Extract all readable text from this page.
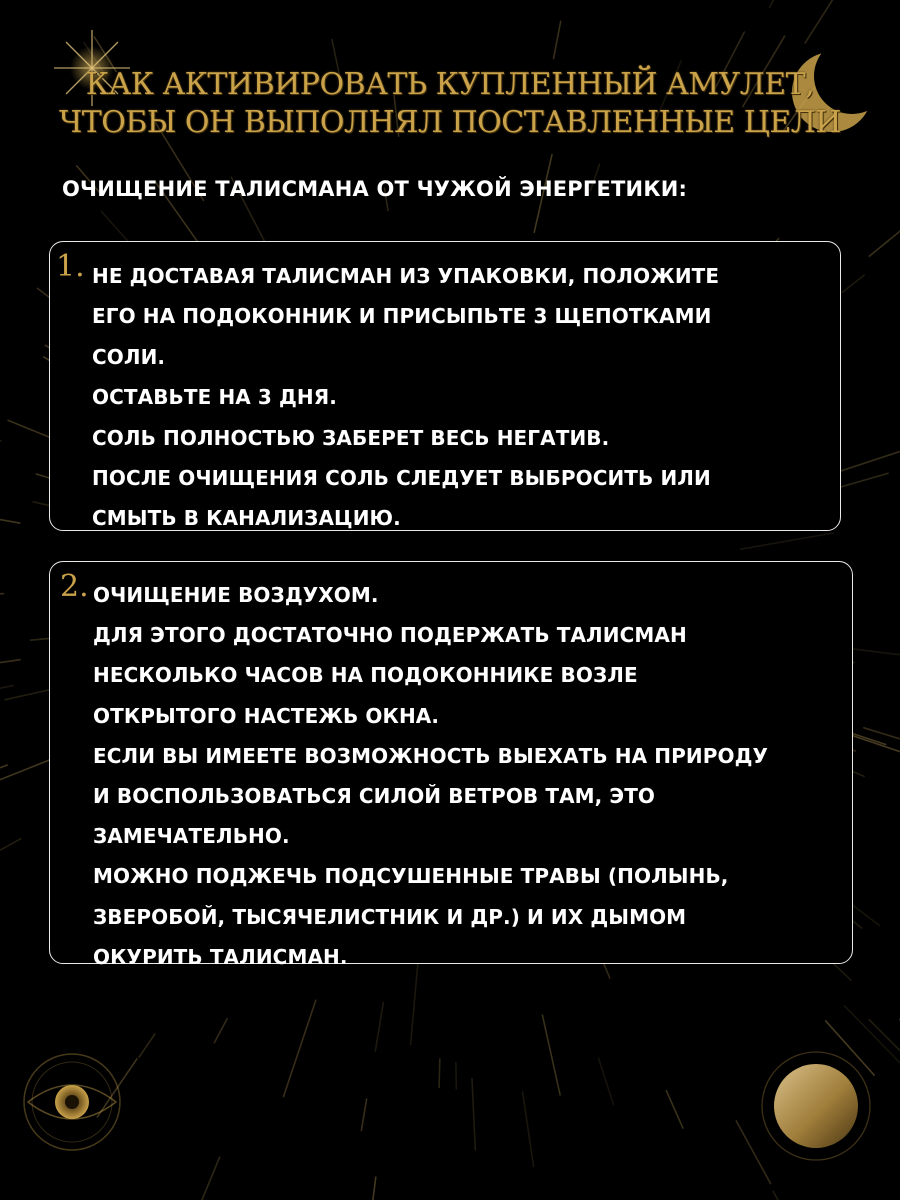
КАК АКТИВИРОВАТЬ КУПЛЕННЫЙ АМУЛЕТ,
ЧТОБЫ ОН ВЫПОЛНЯЛ ПОСТАВЛЕННЫЕ ЦЕЛИ
ОЧИЩЕНИЕ ТАЛИСМАНА ОТ ЧУЖОЙ ЭНЕРГЕТИКИ:
1. НЕ ДОСТАВАЯ ТАЛИСМАН ИЗ УПАКОВКИ, ПОЛОЖИТЕ
ЕГО НА ПОДОКОННИК И ПРИСЫПЬТЕ 3 ЩЕПОТКАМИ
СОЛИ.
ОСТАВЬТЕ НА 3 ДНЯ.
СОЛЬ ПОЛНОСТЬЮ ЗАБЕРЕТ ВЕСЬ НЕГАТИВ.
ПОСЛЕ ОЧИЩЕНИЯ СОЛЬ СЛЕДУЕТ ВЫБРОСИТЬ ИЛИ
СМЫТЬ В КАНАЛИЗАЦИЮ.
2. ОЧИЩЕНИЕ ВОЗДУХОМ.
ДЛЯ ЭТОГО ДОСТАТОЧНО ПОДЕРЖАТЬ ТАЛИСМАН
НЕСКОЛЬКО ЧАСОВ НА ПОДОКОННИКЕ ВОЗЛЕ
ОТКРЫТОГО НАСТЕЖЬ ОКНА.
ЕСЛИ ВЫ ИМЕЕТЕ ВОЗМОЖНОСТЬ ВЫЕХАТЬ НА ПРИРОДУ
И ВОСПОЛЬЗОВАТЬСЯ СИЛОЙ ВЕТРОВ ТАМ, ЭТО
ЗАМЕЧАТЕЛЬНО.
МОЖНО ПОДЖЕЧЬ ПОДСУШЕННЫЕ ТРАВЫ (ПОЛЫНЬ,
ЗВЕРОБОЙ, ТЫСЯЧЕЛИСТНИК И ДР.) И ИХ ДЫМОМ
ОКУРИТЬ ТАЛИСМАН.
